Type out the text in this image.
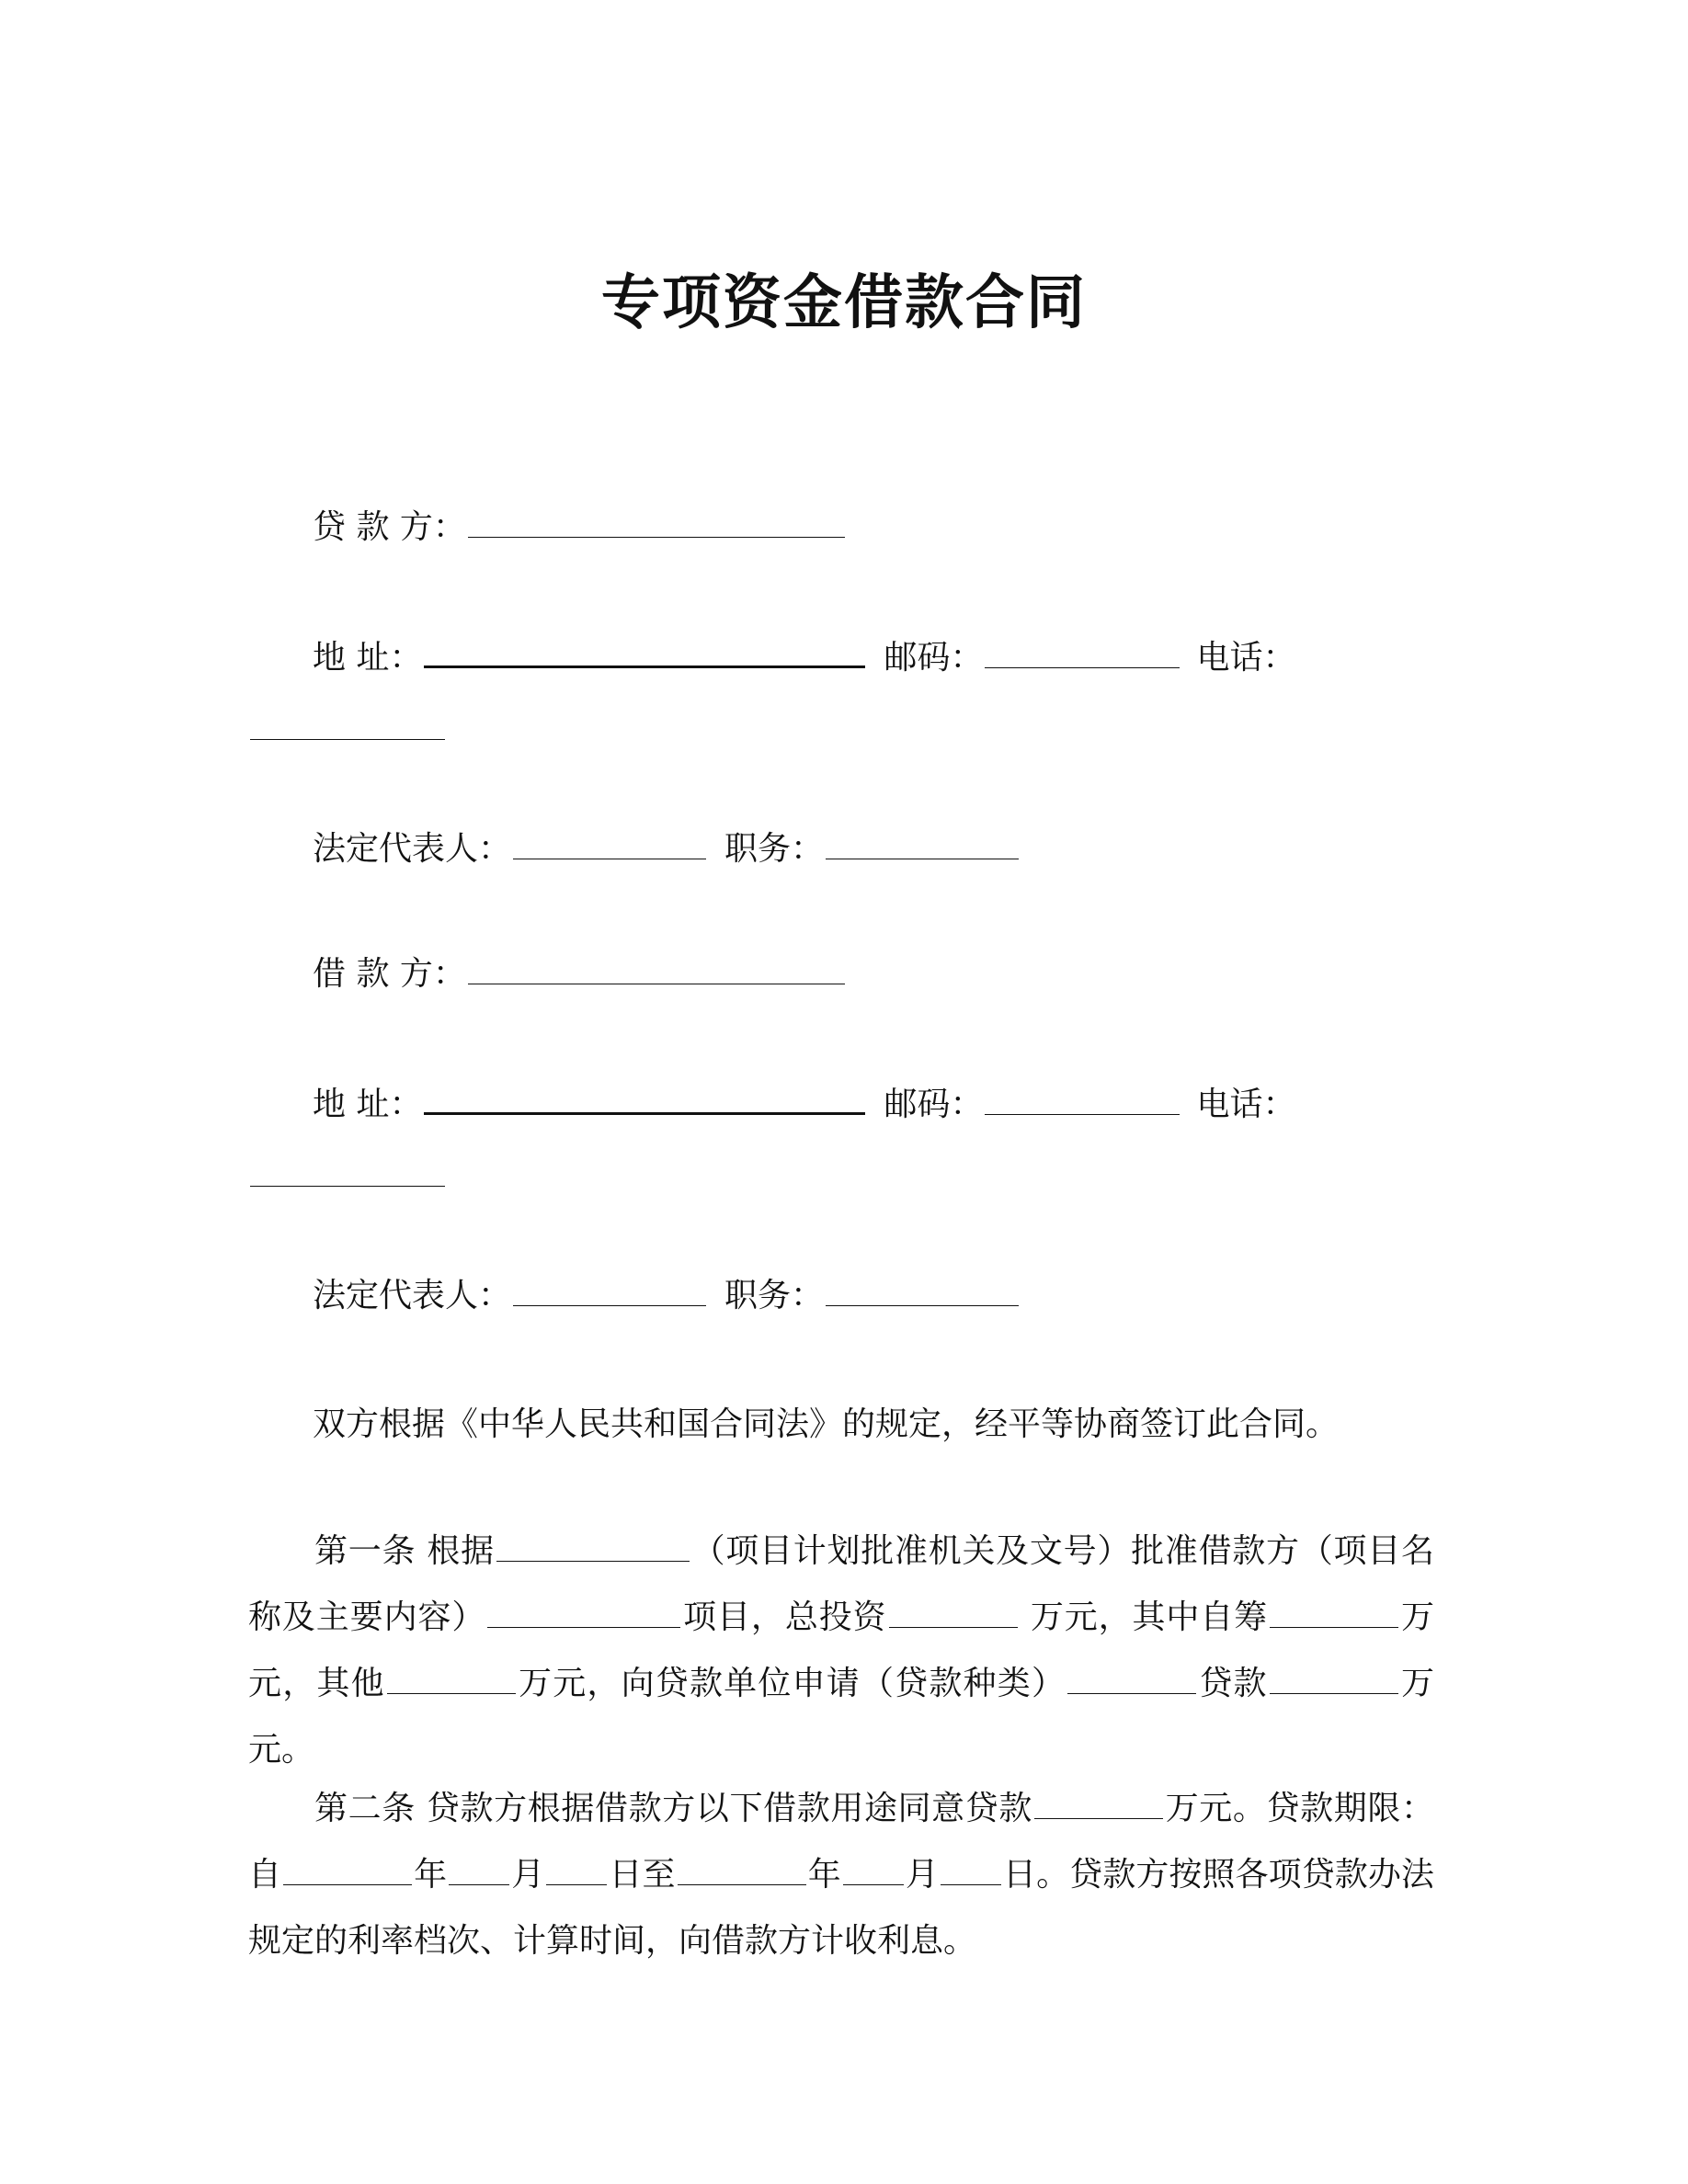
专项资金借款合同
贷 款 方：
地 址：	邮码：	电话：
法定代表人：	职务：
借 款 方：
地 址：	邮码：	电话：
法定代表人：	职务：
双方根据《中华人民共和国合同法》的规定，经平等协商签订此合同。
第一条 根据	（项目计划批准机关及文号）批准借款方（项目名称及主要内容）	项目，总投资	万元，其中自筹	万元，其他	万元，向贷款单位申请（贷款种类）	贷款	万元。
第二条 贷款方根据借款方以下借款用途同意贷款	万元。贷款期限：自	年 月 日至	年 月 日。贷款方按照各项贷款办法规定的利率档次、计算时间，向借款方计收利息。
